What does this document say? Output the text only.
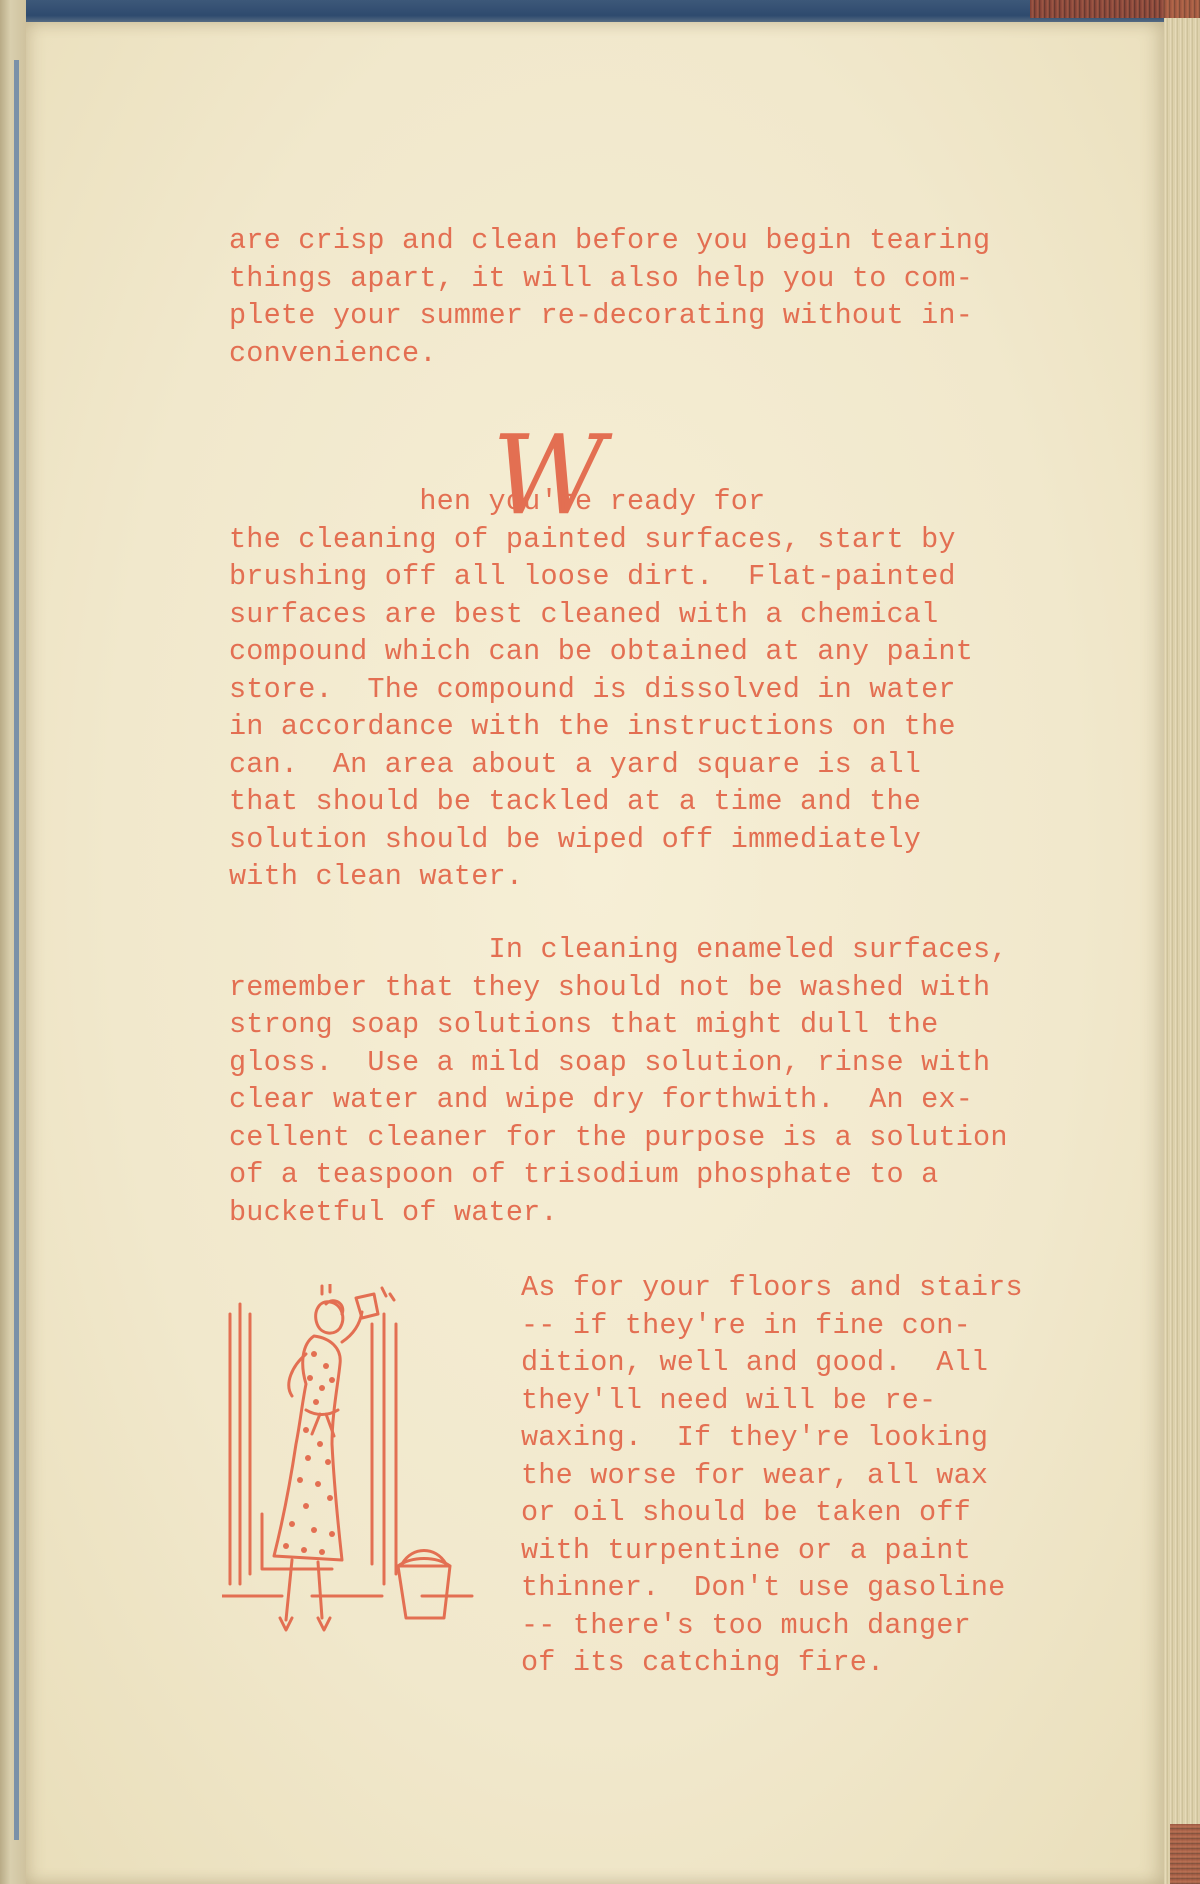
are crisp and clean before you begin tearing
things apart, it will also help you to com-
plete your summer re-decorating without in-
convenience.

W

hen you're ready for
the cleaning of painted surfaces, start by
brushing off all loose dirt.  Flat-painted
surfaces are best cleaned with a chemical
compound which can be obtained at any paint
store.  The compound is dissolved in water
in accordance with the instructions on the
can.  An area about a yard square is all
that should be tackled at a time and the
solution should be wiped off immediately
with clean water.

In cleaning enameled surfaces,
remember that they should not be washed with
strong soap solutions that might dull the
gloss.  Use a mild soap solution, rinse with
clear water and wipe dry forthwith.  An ex-
cellent cleaner for the purpose is a solution
of a teaspoon of trisodium phosphate to a
bucketful of water.

As for your floors and stairs
-- if they're in fine con-
dition, well and good.  All
they'll need will be re-
waxing.  If they're looking
the worse for wear, all wax
or oil should be taken off
with turpentine or a paint
thinner.  Don't use gasoline
-- there's too much danger
of its catching fire.
